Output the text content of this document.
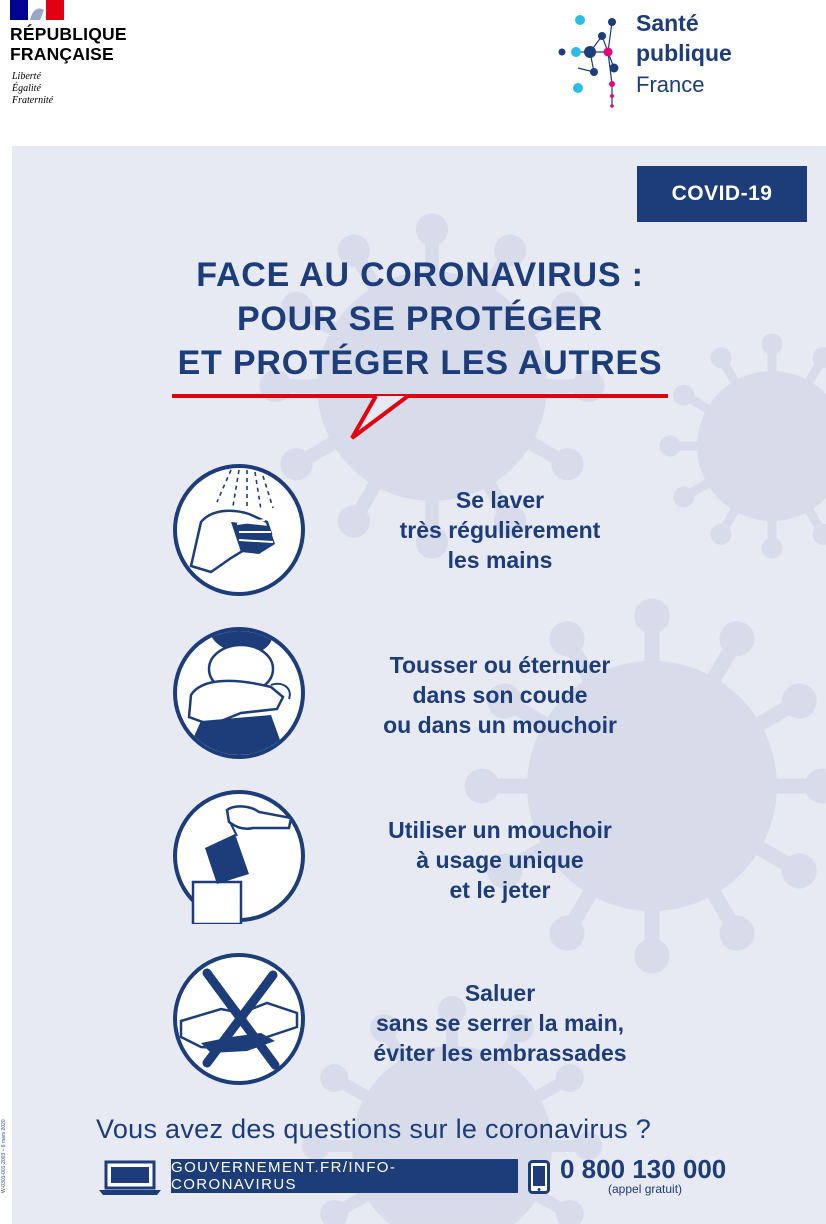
RÉPUBLIQUE
FRANÇAISE
Liberté
Égalité
Fraternité
Santé
publique
France
COVID-19
FACE AU CORONAVIRUS :
POUR SE PROTÉGER
ET PROTÉGER LES AUTRES
Se laver
très régulièrement
les mains
Tousser ou éternuer
dans son coude
ou dans un mouchoir
Utiliser un mouchoir
à usage unique
et le jeter
Saluer
sans se serrer la main,
éviter les embrassades
Vous avez des questions sur le coronavirus ?
GOUVERNEMENT.FR/INFO-CORONAVIRUS
0 800 130 000
(appel gratuit)
W-0301-001-2003 – 6 mars 2020
